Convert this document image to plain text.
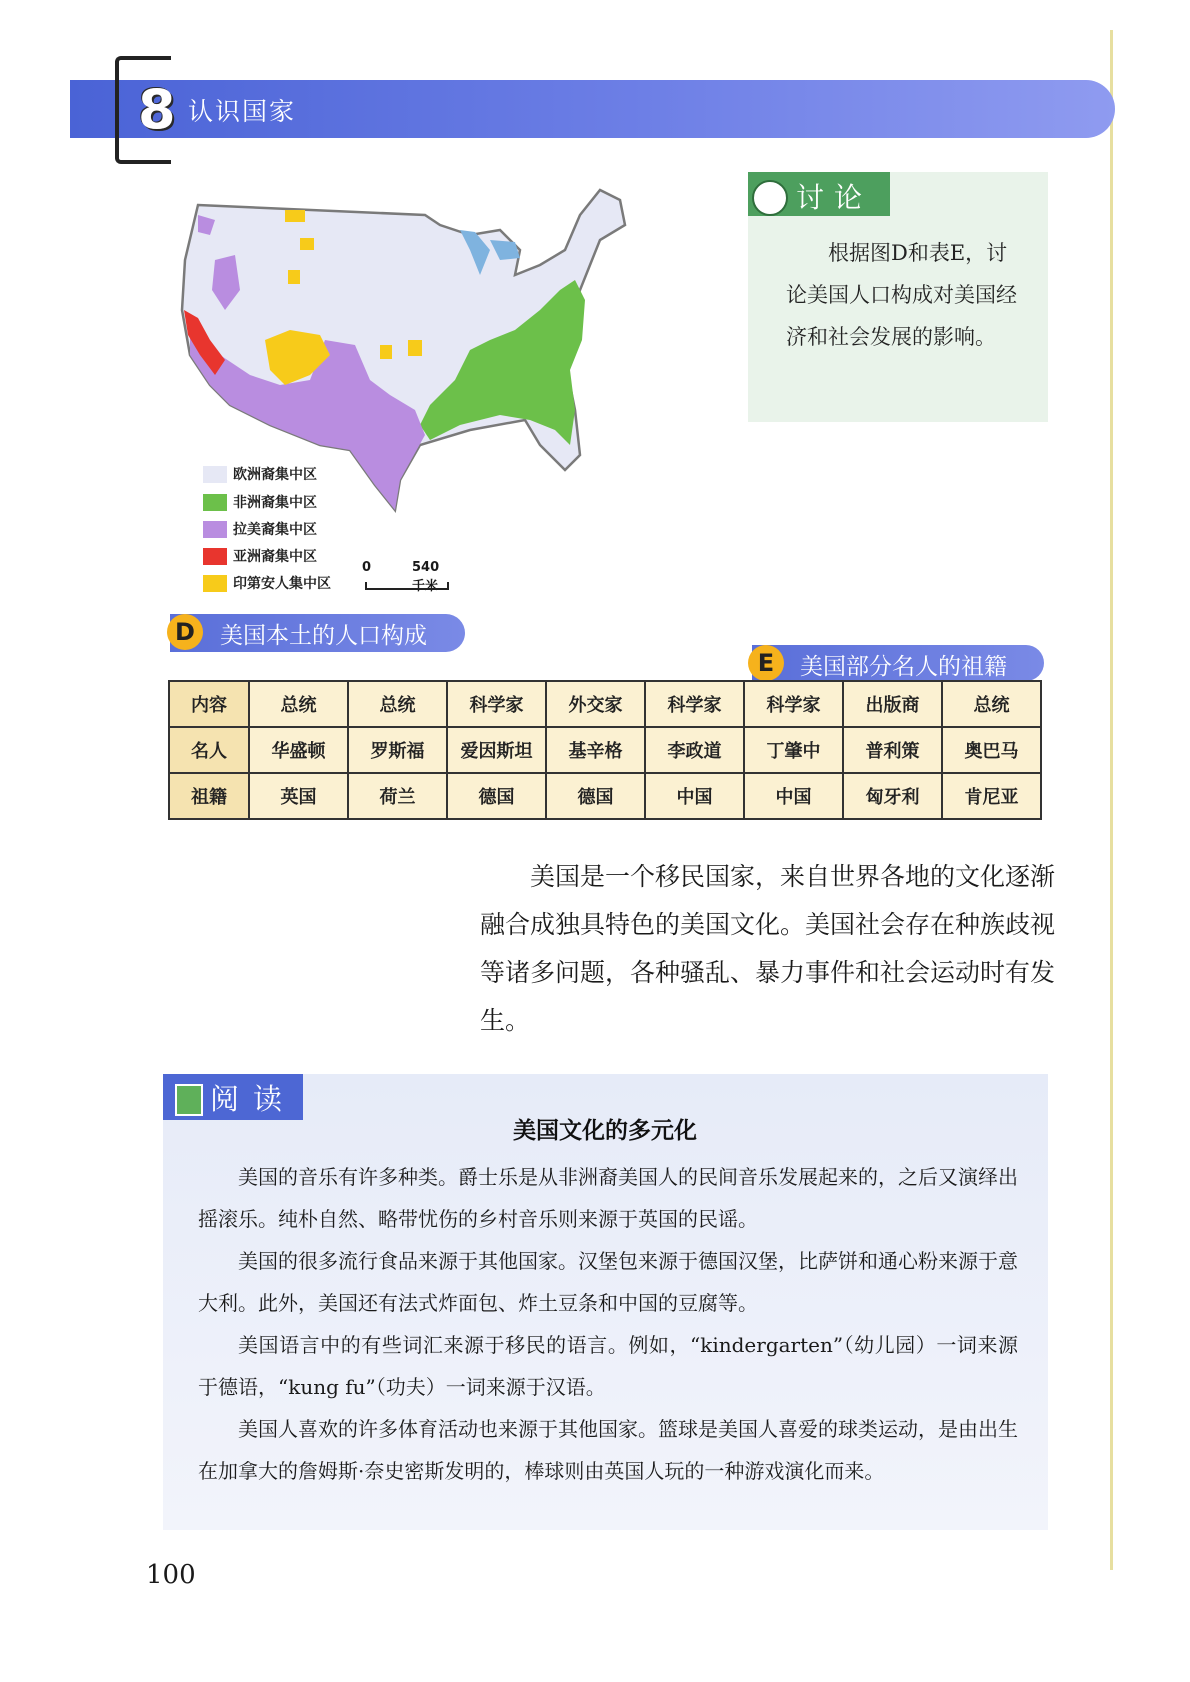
8 认识国家
欧洲裔集中区
非洲裔集中区
拉美裔集中区
亚洲裔集中区
印第安人集中区
0	540千米
讨论
根据图D和表E，讨论美国人口构成对美国经济和社会发展的影响。
D	美国本土的人口构成
E	美国部分名人的祖籍
内容	总统	总统	科学家	外交家	科学家	科学家	出版商	总统
名人	华盛顿	罗斯福	爱因斯坦	基辛格	李政道	丁肇中	普利策	奥巴马
祖籍	英国	荷兰	德国	德国	中国	中国	匈牙利	肯尼亚
美国是一个移民国家，来自世界各地的文化逐渐融合成独具特色的美国文化。美国社会存在种族歧视等诸多问题，各种骚乱、暴力事件和社会运动时有发生。
阅读
美国文化的多元化

美国的音乐有许多种类。爵士乐是从非洲裔美国人的民间音乐发展起来的，之后又演绎出摇滚乐。纯朴自然、略带忧伤的乡村音乐则来源于英国的民谣。

美国的很多流行食品来源于其他国家。汉堡包来源于德国汉堡，比萨饼和通心粉来源于意大利。此外，美国还有法式炸面包、炸土豆条和中国的豆腐等。

美国语言中的有些词汇来源于移民的语言。例如，“kindergarten”（幼儿园）一词来源于德语，“kung fu”（功夫）一词来源于汉语。

美国人喜欢的许多体育活动也来源于其他国家。篮球是美国人喜爱的球类运动，是由出生在加拿大的詹姆斯·奈史密斯发明的，棒球则由英国人玩的一种游戏演化而来。

100
